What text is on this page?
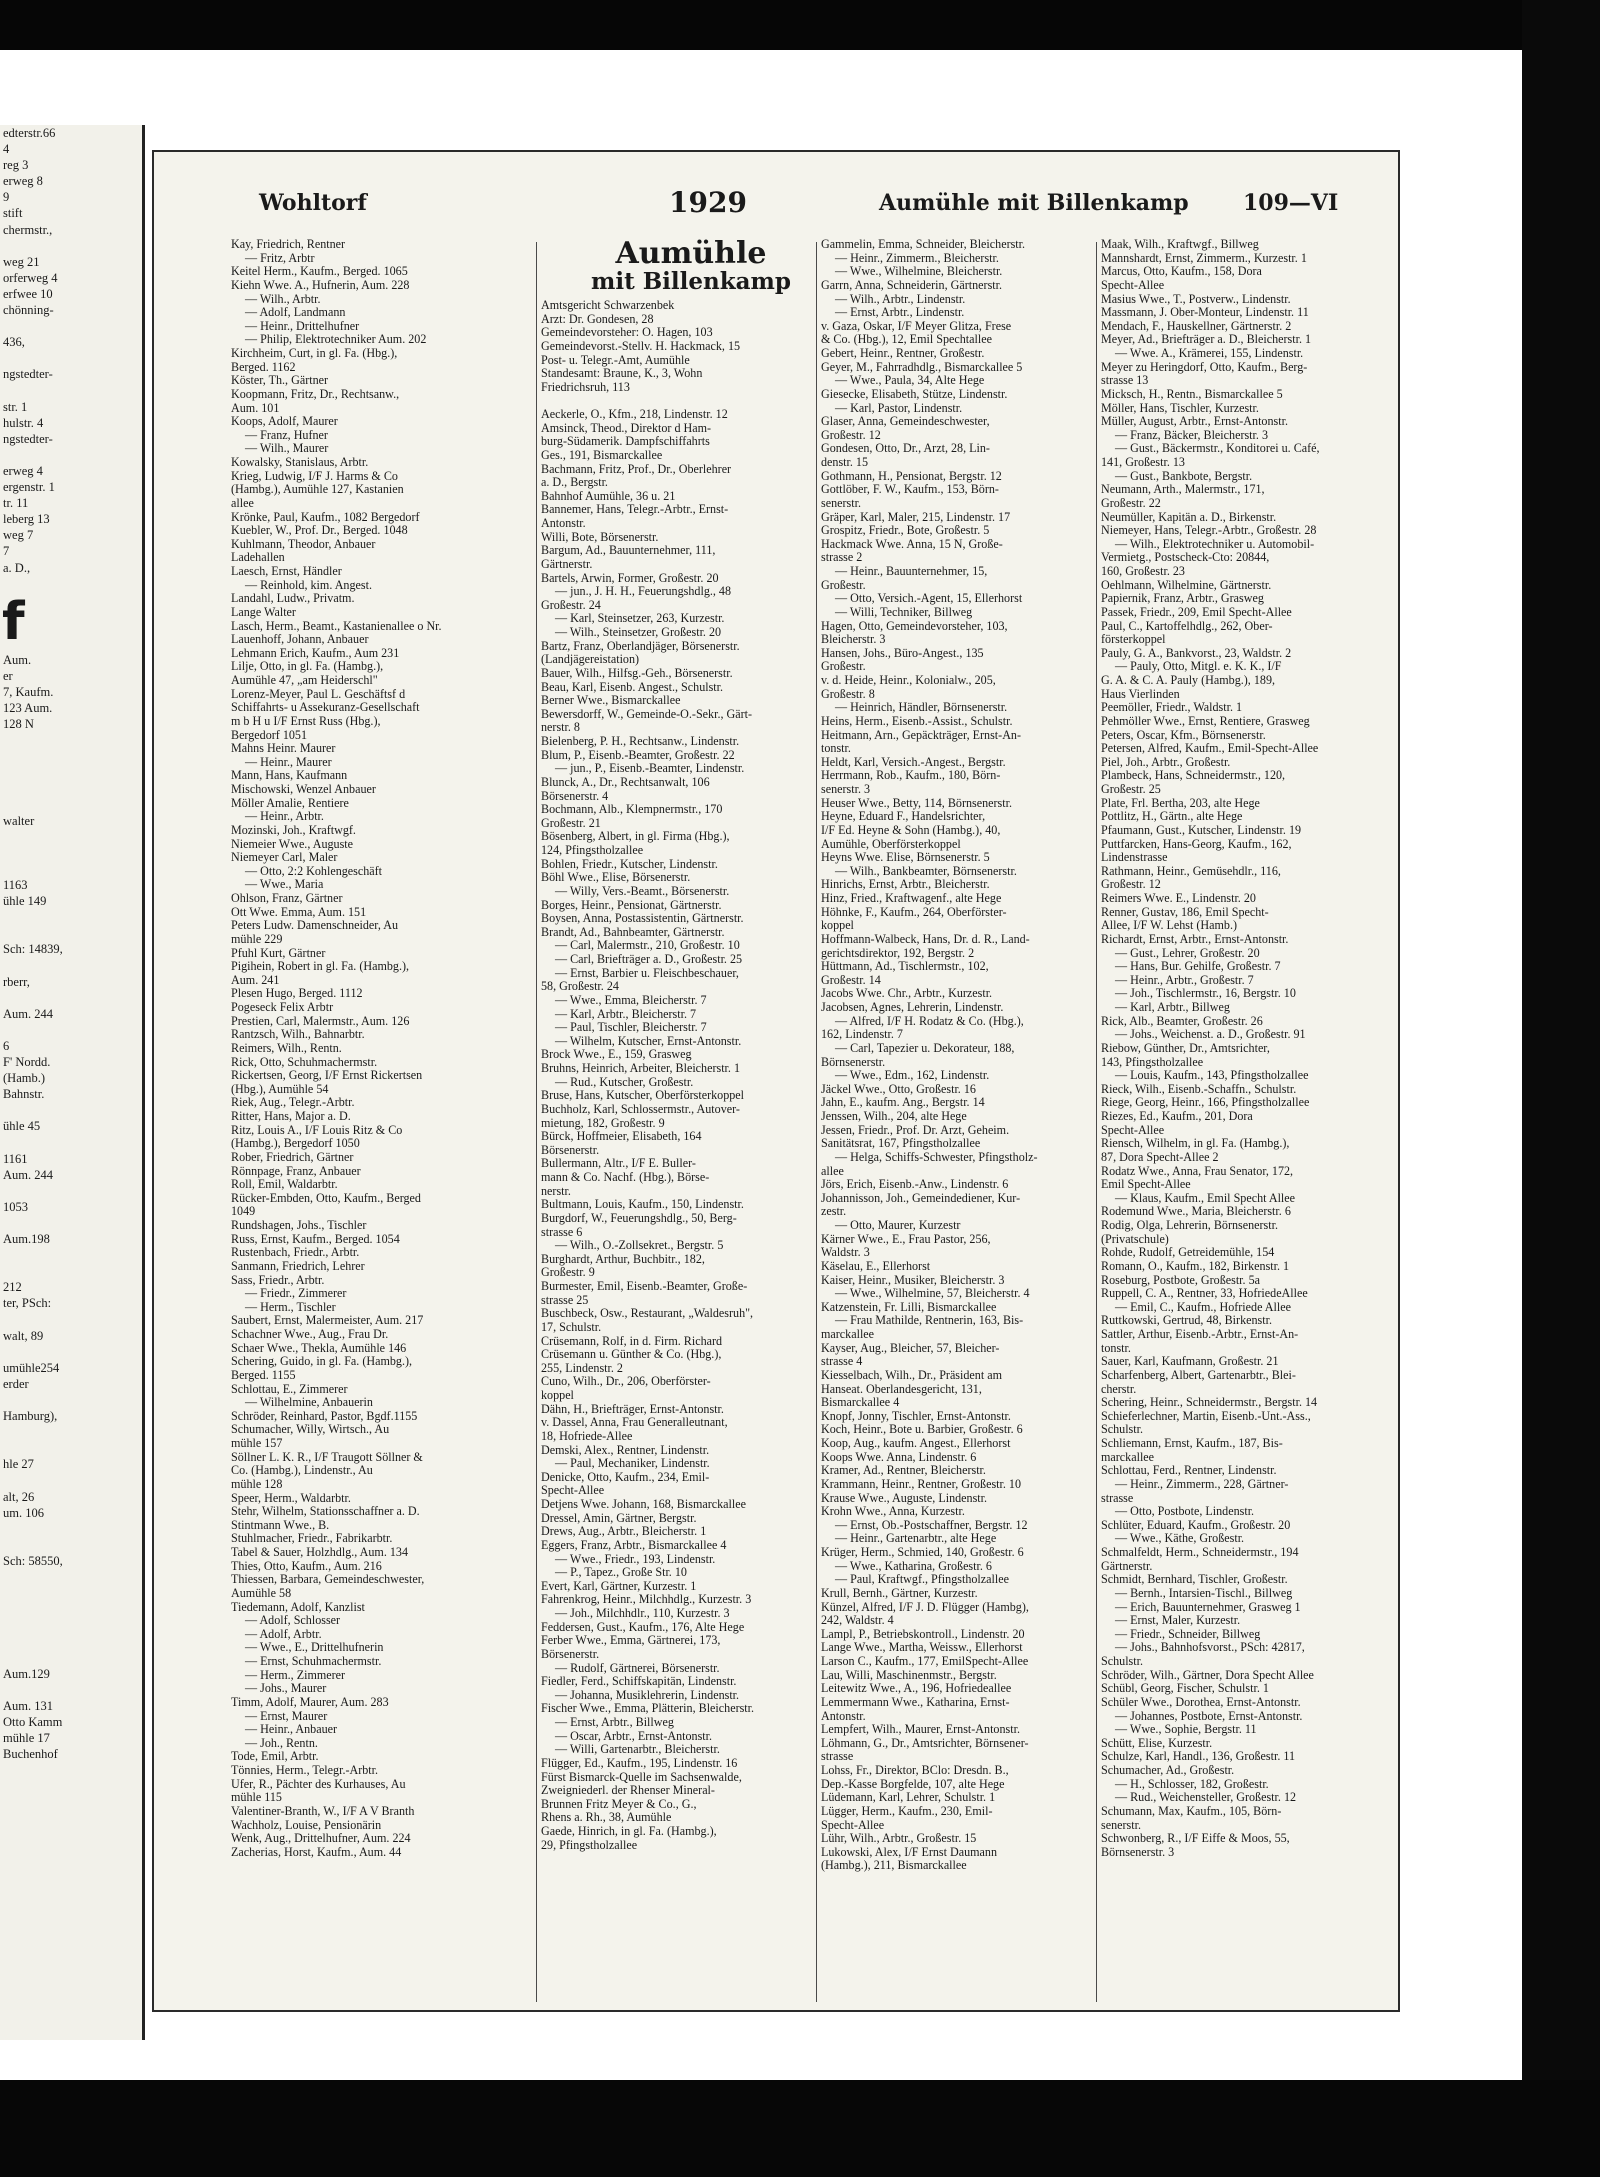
edterstr.66
4
reg 3
erweg 8
9
stift
chermstr.,

weg 21
orferweg 4
erfwee 10
chönning-

436,

ngstedter-

str. 1
hulstr. 4
ngstedter-

erweg 4
ergenstr. 1
tr. 11
leberg 13
weg 7
7
a. D.,

f
Aum.
er
7, Kaufm.
123 Aum.
128 N

walter

1163
ühle 149

Sch: 14839,

rberr,

Aum. 244

6
F' Nordd.
(Hamb.)
Bahnstr.

ühle 45

1161
Aum. 244

1053

Aum.198

212
ter, PSch:

walt, 89

umühle254
erder

Hamburg),

hle 27

alt, 26
um. 106

Sch: 58550,

Aum.129

Aum. 131
Otto Kamm
mühle 17
Buchenhof
Wohltorf	1929	Aumühle mit Billenkamp 109—VI
Kay, Friedrich, Rentner
— Fritz, Arbtr
Keitel Herm., Kaufm., Berged. 1065
Kiehn Wwe. A., Hufnerin, Aum. 228
— Wilh., Arbtr.
— Adolf, Landmann
— Heinr., Drittelhufner
— Philip, Elektrotechniker Aum. 202
Kirchheim, Curt, in gl. Fa. (Hbg.),
Berged. 1162
Köster, Th., Gärtner
Koopmann, Fritz, Dr., Rechtsanw.,
Aum. 101
Koops, Adolf, Maurer
— Franz, Hufner
— Wilh., Maurer
Kowalsky, Stanislaus, Arbtr.
Krieg, Ludwig, I/F J. Harms & Co
(Hambg.), Aumühle 127, Kastanien
allee
Krönke, Paul, Kaufm., 1082 Bergedorf
Kuebler, W., Prof. Dr., Berged. 1048
Kuhlmann, Theodor, Anbauer
Ladehallen
Laesch, Ernst, Händler
— Reinhold, kim. Angest.
Landahl, Ludw., Privatm.
Lange Walter
Lasch, Herm., Beamt., Kastanienallee o Nr.
Lauenhoff, Johann, Anbauer
Lehmann Erich, Kaufm., Aum 231
Lilje, Otto, in gl. Fa. (Hambg.),
Aumühle 47, „am Heiderschl"
Lorenz-Meyer, Paul L. Geschäftsf d
Schiffahrts- u Assekuranz-Gesellschaft
m b H u I/F Ernst Russ (Hbg.),
Bergedorf 1051
Mahns Heinr. Maurer
— Heinr., Maurer
Mann, Hans, Kaufmann
Mischowski, Wenzel Anbauer
Möller Amalie, Rentiere
— Heinr., Arbtr.
Mozinski, Joh., Kraftwgf.
Niemeier Wwe., Auguste
Niemeyer Carl, Maler
— Otto, 2:2 Kohlengeschäft
— Wwe., Maria
Ohlson, Franz, Gärtner
Ott Wwe. Emma, Aum. 151
Peters Ludw. Damenschneider, Au
mühle 229
Pfuhl Kurt, Gärtner
Pigihein, Robert in gl. Fa. (Hambg.),
Aum. 241
Plesen Hugo, Berged. 1112
Pogeseck Felix Arbtr
Prestien, Carl, Malermstr., Aum. 126
Rantzsch, Wilh., Bahnarbtr.
Reimers, Wilh., Rentn.
Rick, Otto, Schuhmachermstr.
Rickertsen, Georg, I/F Ernst Rickertsen
(Hbg.), Aumühle 54
Riek, Aug., Telegr.-Arbtr.
Ritter, Hans, Major a. D.
Ritz, Louis A., I/F Louis Ritz & Co
(Hambg.), Bergedorf 1050
Rober, Friedrich, Gärtner
Rönnpage, Franz, Anbauer
Roll, Emil, Waldarbtr.
Rücker-Embden, Otto, Kaufm., Berged
1049
Rundshagen, Johs., Tischler
Russ, Ernst, Kaufm., Berged. 1054
Rustenbach, Friedr., Arbtr.
Sanmann, Friedrich, Lehrer
Sass, Friedr., Arbtr.
— Friedr., Zimmerer
— Herm., Tischler
Saubert, Ernst, Malermeister, Aum. 217
Schachner Wwe., Aug., Frau Dr.
Schaer Wwe., Thekla, Aumühle 146
Schering, Guido, in gl. Fa. (Hambg.),
Berged. 1155
Schlottau, E., Zimmerer
— Wilhelmine, Anbauerin
Schröder, Reinhard, Pastor, Bgdf.1155
Schumacher, Willy, Wirtsch., Au
mühle 157
Söllner L. K. R., I/F Traugott Söllner &
Co. (Hambg.), Lindenstr., Au
mühle 128
Speer, Herm., Waldarbtr.
Stehr, Wilhelm, Stationsschaffner a. D.
Stintmann Wwe., B.
Stuhlmacher, Friedr., Fabrikarbtr.
Tabel & Sauer, Holzhdlg., Aum. 134
Thies, Otto, Kaufm., Aum. 216
Thiessen, Barbara, Gemeindeschwester,
Aumühle 58
Tiedemann, Adolf, Kanzlist
— Adolf, Schlosser
— Adolf, Arbtr.
— Wwe., E., Drittelhufnerin
— Ernst, Schuhmachermstr.
— Herm., Zimmerer
— Johs., Maurer
Timm, Adolf, Maurer, Aum. 283
— Ernst, Maurer
— Heinr., Anbauer
— Joh., Rentn.
Tode, Emil, Arbtr.
Tönnies, Herm., Telegr.-Arbtr.
Ufer, R., Pächter des Kurhauses, Au
mühle 115
Valentiner-Branth, W., I/F A V Branth
Wachholz, Louise, Pensionärin
Wenk, Aug., Drittelhufner, Aum. 224
Zacherias, Horst, Kaufm., Aum. 44
Aumühle
mit Billenkamp
Amtsgericht Schwarzenbek
Arzt: Dr. Gondesen, 28
Gemeindevorsteher: O. Hagen, 103
Gemeindevorst.-Stellv. H. Hackmack, 15
Post- u. Telegr.-Amt, Aumühle
Standesamt: Braune, K., 3, Wohn
Friedrichsruh, 113

Aeckerle, O., Kfm., 218, Lindenstr. 12
Amsinck, Theod., Direktor d Ham-
burg-Südamerik. Dampfschiffahrts
Ges., 191, Bismarckallee
Bachmann, Fritz, Prof., Dr., Oberlehrer
a. D., Bergstr.
Bahnhof Aumühle, 36 u. 21
Bannemer, Hans, Telegr.-Arbtr., Ernst-
Antonstr.
Willi, Bote, Börsenerstr.
Bargum, Ad., Bauunternehmer, 111,
Gärtnerstr.
Bartels, Arwin, Former, Großestr. 20
— jun., J. H. H., Feuerungshdlg., 48
Großestr. 24
— Karl, Steinsetzer, 263, Kurzestr.
— Wilh., Steinsetzer, Großestr. 20
Bartz, Franz, Oberlandjäger, Börsenerstr.
(Landjägereistation)
Bauer, Wilh., Hilfsg.-Geh., Börsenerstr.
Beau, Karl, Eisenb. Angest., Schulstr.
Berner Wwe., Bismarckallee
Bewersdorff, W., Gemeinde-O.-Sekr., Gärt-
nerstr. 8
Bielenberg, P. H., Rechtsanw., Lindenstr.
Blum, P., Eisenb.-Beamter, Großestr. 22
— jun., P., Eisenb.-Beamter, Lindenstr.
Blunck, A., Dr., Rechtsanwalt, 106
Börsenerstr. 4
Bochmann, Alb., Klempnermstr., 170
Großestr. 21
Bösenberg, Albert, in gl. Firma (Hbg.),
124, Pfingstholzallee
Bohlen, Friedr., Kutscher, Lindenstr.
Böhl Wwe., Elise, Börsenerstr.
— Willy, Vers.-Beamt., Börsenerstr.
Borges, Heinr., Pensionat, Gärtnerstr.
Boysen, Anna, Postassistentin, Gärtnerstr.
Brandt, Ad., Bahnbeamter, Gärtnerstr.
— Carl, Malermstr., 210, Großestr. 10
— Carl, Briefträger a. D., Großestr. 25
— Ernst, Barbier u. Fleischbeschauer,
58, Großestr. 24
— Wwe., Emma, Bleicherstr. 7
— Karl, Arbtr., Bleicherstr. 7
— Paul, Tischler, Bleicherstr. 7
— Wilhelm, Kutscher, Ernst-Antonstr.
Brock Wwe., E., 159, Grasweg
Bruhns, Heinrich, Arbeiter, Bleicherstr. 1
— Rud., Kutscher, Großestr.
Bruse, Hans, Kutscher, Oberförsterkoppel
Buchholz, Karl, Schlossermstr., Autover-
mietung, 182, Großestr. 9
Bürck, Hoffmeier, Elisabeth, 164
Börsenerstr.
Bullermann, Altr., I/F E. Buller-
mann & Co. Nachf. (Hbg.), Börse-
nerstr.
Bultmann, Louis, Kaufm., 150, Lindenstr.
Burgdorf, W., Feuerungshdlg., 50, Berg-
strasse 6
— Wilh., O.-Zollsekret., Bergstr. 5
Burghardt, Arthur, Buchbitr., 182,
Großestr. 9
Burmester, Emil, Eisenb.-Beamter, Große-
strasse 25
Buschbeck, Osw., Restaurant, „Waldesruh",
17, Schulstr.
Crüsemann, Rolf, in d. Firm. Richard
Crüsemann u. Günther & Co. (Hbg.),
255, Lindenstr. 2
Cuno, Wilh., Dr., 206, Oberförster-
koppel
Dähn, H., Briefträger, Ernst-Antonstr.
v. Dassel, Anna, Frau Generalleutnant,
18, Hofriede-Allee
Demski, Alex., Rentner, Lindenstr.
— Paul, Mechaniker, Lindenstr.
Denicke, Otto, Kaufm., 234, Emil-
Specht-Allee
Detjens Wwe. Johann, 168, Bismarckallee
Dressel, Amin, Gärtner, Bergstr.
Drews, Aug., Arbtr., Bleicherstr. 1
Eggers, Franz, Arbtr., Bismarckallee 4
— Wwe., Friedr., 193, Lindenstr.
— P., Tapez., Große Str. 10
Evert, Karl, Gärtner, Kurzestr. 1
Fahrenkrog, Heinr., Milchhdlg., Kurzestr. 3
— Joh., Milchhdlr., 110, Kurzestr. 3
Feddersen, Gust., Kaufm., 176, Alte Hege
Ferber Wwe., Emma, Gärtnerei, 173,
Börsenerstr.
— Rudolf, Gärtnerei, Börsenerstr.
Fiedler, Ferd., Schiffskapitän, Lindenstr.
— Johanna, Musiklehrerin, Lindenstr.
Fischer Wwe., Emma, Plätterin, Bleicherstr.
— Ernst, Arbtr., Billweg
— Oscar, Arbtr., Ernst-Antonstr.
— Willi, Gartenarbtr., Bleicherstr.
Flügger, Ed., Kaufm., 195, Lindenstr. 16
Fürst Bismarck-Quelle im Sachsenwalde,
Zweigniederl. der Rhenser Mineral-
Brunnen Fritz Meyer & Co., G.,
Rhens a. Rh., 38, Aumühle
Gaede, Hinrich, in gl. Fa. (Hambg.),
29, Pfingstholzallee
Gammelin, Emma, Schneider, Bleicherstr.
— Heinr., Zimmerm., Bleicherstr.
— Wwe., Wilhelmine, Bleicherstr.
Garrn, Anna, Schneiderin, Gärtnerstr.
— Wilh., Arbtr., Lindenstr.
— Ernst, Arbtr., Lindenstr.
v. Gaza, Oskar, I/F Meyer Glitza, Frese
& Co. (Hbg.), 12, Emil Spechtallee
Gebert, Heinr., Rentner, Großestr.
Geyer, M., Fahrradhdlg., Bismarckallee 5
— Wwe., Paula, 34, Alte Hege
Giesecke, Elisabeth, Stütze, Lindenstr.
— Karl, Pastor, Lindenstr.
Glaser, Anna, Gemeindeschwester,
Großestr. 12
Gondesen, Otto, Dr., Arzt, 28, Lin-
denstr. 15
Gothmann, H., Pensionat, Bergstr. 12
Gottlöber, F. W., Kaufm., 153, Börn-
senerstr.
Gräper, Karl, Maler, 215, Lindenstr. 17
Grospitz, Friedr., Bote, Großestr. 5
Hackmack Wwe. Anna, 15 N, Große-
strasse 2
— Heinr., Bauunternehmer, 15,
Großestr.
— Otto, Versich.-Agent, 15, Ellerhorst
— Willi, Techniker, Billweg
Hagen, Otto, Gemeindevorsteher, 103,
Bleicherstr. 3
Hansen, Johs., Büro-Angest., 135
Großestr.
v. d. Heide, Heinr., Kolonialw., 205,
Großestr. 8
— Heinrich, Händler, Börnsenerstr.
Heins, Herm., Eisenb.-Assist., Schulstr.
Heitmann, Arn., Gepäckträger, Ernst-An-
tonstr.
Heldt, Karl, Versich.-Angest., Bergstr.
Herrmann, Rob., Kaufm., 180, Börn-
senerstr. 3
Heuser Wwe., Betty, 114, Börnsenerstr.
Heyne, Eduard F., Handelsrichter,
I/F Ed. Heyne & Sohn (Hambg.), 40,
Aumühle, Oberförsterkoppel
Heyns Wwe. Elise, Börnsenerstr. 5
— Wilh., Bankbeamter, Börnsenerstr.
Hinrichs, Ernst, Arbtr., Bleicherstr.
Hinz, Fried., Kraftwagenf., alte Hege
Höhnke, F., Kaufm., 264, Oberförster-
koppel
Hoffmann-Walbeck, Hans, Dr. d. R., Land-
gerichtsdirektor, 192, Bergstr. 2
Hüttmann, Ad., Tischlermstr., 102,
Großestr. 14
Jacobs Wwe. Chr., Arbtr., Kurzestr.
Jacobsen, Agnes, Lehrerin, Lindenstr.
— Alfred, I/F H. Rodatz & Co. (Hbg.),
162, Lindenstr. 7
— Carl, Tapezier u. Dekorateur, 188,
Börnsenerstr.
— Wwe., Edm., 162, Lindenstr.
Jäckel Wwe., Otto, Großestr. 16
Jahn, E., kaufm. Ang., Bergstr. 14
Jenssen, Wilh., 204, alte Hege
Jessen, Friedr., Prof. Dr. Arzt, Geheim.
Sanitätsrat, 167, Pfingstholzallee
— Helga, Schiffs-Schwester, Pfingstholz-
allee
Jörs, Erich, Eisenb.-Anw., Lindenstr. 6
Johannisson, Joh., Gemeindediener, Kur-
zestr.
— Otto, Maurer, Kurzestr
Kärner Wwe., E., Frau Pastor, 256,
Waldstr. 3
Käselau, E., Ellerhorst
Kaiser, Heinr., Musiker, Bleicherstr. 3
— Wwe., Wilhelmine, 57, Bleicherstr. 4
Katzenstein, Fr. Lilli, Bismarckallee
— Frau Mathilde, Rentnerin, 163, Bis-
marckallee
Kayser, Aug., Bleicher, 57, Bleicher-
strasse 4
Kiesselbach, Wilh., Dr., Präsident am
Hanseat. Oberlandesgericht, 131,
Bismarckallee 4
Knopf, Jonny, Tischler, Ernst-Antonstr.
Koch, Heinr., Bote u. Barbier, Großestr. 6
Koop, Aug., kaufm. Angest., Ellerhorst
Koops Wwe. Anna, Lindenstr. 6
Kramer, Ad., Rentner, Bleicherstr.
Krammann, Heinr., Rentner, Großestr. 10
Krause Wwe., Auguste, Lindenstr.
Krohn Wwe., Anna, Kurzestr.
— Ernst, Ob.-Postschaffner, Bergstr. 12
— Heinr., Gartenarbtr., alte Hege
Krüger, Herm., Schmied, 140, Großestr. 6
— Wwe., Katharina, Großestr. 6
— Paul, Kraftwgf., Pfingstholzallee
Krull, Bernh., Gärtner, Kurzestr.
Künzel, Alfred, I/F J. D. Flügger (Hambg),
242, Waldstr. 4
Lampl, P., Betriebskontroll., Lindenstr. 20
Lange Wwe., Martha, Weissw., Ellerhorst
Larson C., Kaufm., 177, EmilSpecht-Allee
Lau, Willi, Maschinenmstr., Bergstr.
Leitewitz Wwe., A., 196, Hofriedeallee
Lemmermann Wwe., Katharina, Ernst-
Antonstr.
Lempfert, Wilh., Maurer, Ernst-Antonstr.
Löhmann, G., Dr., Amtsrichter, Börnsener-
strasse
Lohss, Fr., Direktor, BClo: Dresdn. B.,
Dep.-Kasse Borgfelde, 107, alte Hege
Lüdemann, Karl, Lehrer, Schulstr. 1
Lügger, Herm., Kaufm., 230, Emil-
Specht-Allee
Lühr, Wilh., Arbtr., Großestr. 15
Lukowski, Alex, I/F Ernst Daumann
(Hambg.), 211, Bismarckallee
Maak, Wilh., Kraftwgf., Billweg
Mannshardt, Ernst, Zimmerm., Kurzestr. 1
Marcus, Otto, Kaufm., 158, Dora
Specht-Allee
Masius Wwe., T., Postverw., Lindenstr.
Massmann, J. Ober-Monteur, Lindenstr. 11
Mendach, F., Hauskellner, Gärtnerstr. 2
Meyer, Ad., Briefträger a. D., Bleicherstr. 1
— Wwe. A., Krämerei, 155, Lindenstr.
Meyer zu Heringdorf, Otto, Kaufm., Berg-
strasse 13
Micksch, H., Rentn., Bismarckallee 5
Möller, Hans, Tischler, Kurzestr.
Müller, August, Arbtr., Ernst-Antonstr.
— Franz, Bäcker, Bleicherstr. 3
— Gust., Bäckermstr., Konditorei u. Café,
141, Großestr. 13
— Gust., Bankbote, Bergstr.
Neumann, Arth., Malermstr., 171,
Großestr. 22
Neumüller, Kapitän a. D., Birkenstr.
Niemeyer, Hans, Telegr.-Arbtr., Großestr. 28
— Wilh., Elektrotechniker u. Automobil-
Vermietg., Postscheck-Cto: 20844,
160, Großestr. 23
Oehlmann, Wilhelmine, Gärtnerstr.
Papiernik, Franz, Arbtr., Grasweg
Passek, Friedr., 209, Emil Specht-Allee
Paul, C., Kartoffelhdlg., 262, Ober-
försterkoppel
Pauly, G. A., Bankvorst., 23, Waldstr. 2
— Pauly, Otto, Mitgl. e. K. K., I/F
G. A. & C. A. Pauly (Hambg.), 189,
Haus Vierlinden
Peemöller, Friedr., Waldstr. 1
Pehmöller Wwe., Ernst, Rentiere, Grasweg
Peters, Oscar, Kfm., Börnsenerstr.
Petersen, Alfred, Kaufm., Emil-Specht-Allee
Piel, Joh., Arbtr., Großestr.
Plambeck, Hans, Schneidermstr., 120,
Großestr. 25
Plate, Frl. Bertha, 203, alte Hege
Pottlitz, H., Gärtn., alte Hege
Pfaumann, Gust., Kutscher, Lindenstr. 19
Puttfarcken, Hans-Georg, Kaufm., 162,
Lindenstrasse
Rathmann, Heinr., Gemüsehdlr., 116,
Großestr. 12
Reimers Wwe. E., Lindenstr. 20
Renner, Gustav, 186, Emil Specht-
Allee, I/F W. Lehst (Hamb.)
Richardt, Ernst, Arbtr., Ernst-Antonstr.
— Gust., Lehrer, Großestr. 20
— Hans, Bur. Gehilfe, Großestr. 7
— Heinr., Arbtr., Großestr. 7
— Joh., Tischlermstr., 16, Bergstr. 10
— Karl, Arbtr., Billweg
Rick, Alb., Beamter, Großestr. 26
— Johs., Weichenst. a. D., Großestr. 91
Riebow, Günther, Dr., Amtsrichter,
143, Pfingstholzallee
— Louis, Kaufm., 143, Pfingstholzallee
Rieck, Wilh., Eisenb.-Schaffn., Schulstr.
Riege, Georg, Heinr., 166, Pfingstholzallee
Riezes, Ed., Kaufm., 201, Dora
Specht-Allee
Riensch, Wilhelm, in gl. Fa. (Hambg.),
87, Dora Specht-Allee 2
Rodatz Wwe., Anna, Frau Senator, 172,
Emil Specht-Allee
— Klaus, Kaufm., Emil Specht Allee
Rodemund Wwe., Maria, Bleicherstr. 6
Rodig, Olga, Lehrerin, Börnsenerstr.
(Privatschule)
Rohde, Rudolf, Getreidemühle, 154
Romann, O., Kaufm., 182, Birkenstr. 1
Roseburg, Postbote, Großestr. 5a
Ruppell, C. A., Rentner, 33, HofriedeAllee
— Emil, C., Kaufm., Hofriede Allee
Ruttkowski, Gertrud, 48, Birkenstr.
Sattler, Arthur, Eisenb.-Arbtr., Ernst-An-
tonstr.
Sauer, Karl, Kaufmann, Großestr. 21
Scharfenberg, Albert, Gartenarbtr., Blei-
cherstr.
Schering, Heinr., Schneidermstr., Bergstr. 14
Schieferlechner, Martin, Eisenb.-Unt.-Ass.,
Schulstr.
Schliemann, Ernst, Kaufm., 187, Bis-
marckallee
Schlottau, Ferd., Rentner, Lindenstr.
— Heinr., Zimmerm., 228, Gärtner-
strasse
— Otto, Postbote, Lindenstr.
Schlüter, Eduard, Kaufm., Großestr. 20
— Wwe., Käthe, Großestr.
Schmalfeldt, Herm., Schneidermstr., 194
Gärtnerstr.
Schmidt, Bernhard, Tischler, Großestr.
— Bernh., Intarsien-Tischl., Billweg
— Erich, Bauunternehmer, Grasweg 1
— Ernst, Maler, Kurzestr.
— Friedr., Schneider, Billweg
— Johs., Bahnhofsvorst., PSch: 42817,
Schulstr.
Schröder, Wilh., Gärtner, Dora Specht Allee
Schübl, Georg, Fischer, Schulstr. 1
Schüler Wwe., Dorothea, Ernst-Antonstr.
— Johannes, Postbote, Ernst-Antonstr.
— Wwe., Sophie, Bergstr. 11
Schütt, Elise, Kurzestr.
Schulze, Karl, Handl., 136, Großestr. 11
Schumacher, Ad., Großestr.
— H., Schlosser, 182, Großestr.
— Rud., Weichensteller, Großestr. 12
Schumann, Max, Kaufm., 105, Börn-
senerstr.
Schwonberg, R., I/F Eiffe & Moos, 55,
Börnsenerstr. 3
